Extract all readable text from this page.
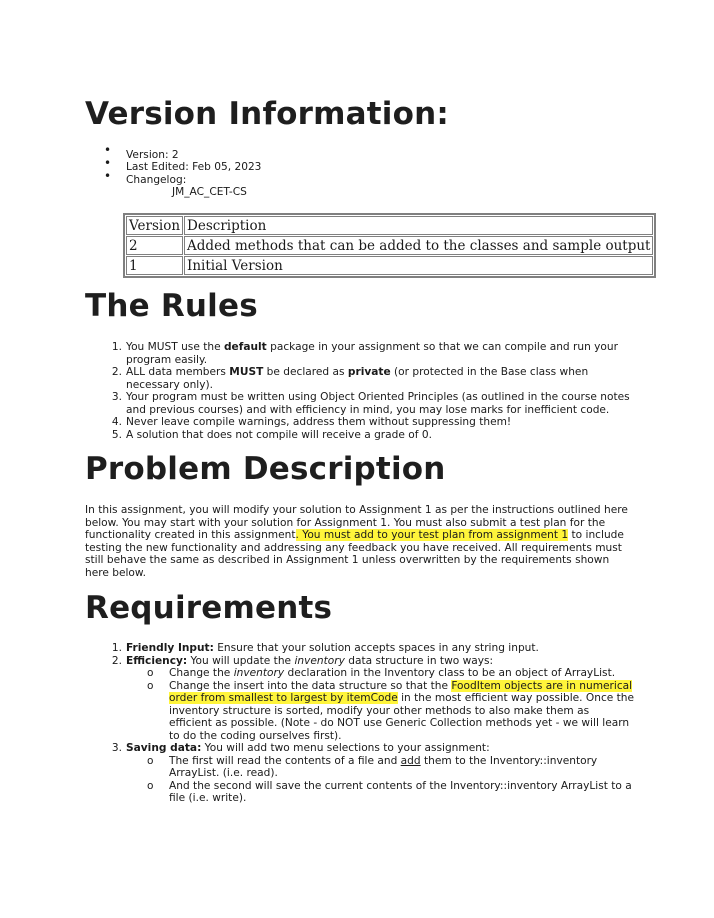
Version Information:
• Version: 2
• Last Edited: Feb 05, 2023
• Changelog:
JM_AC_CET-CS
Version	Description
2	Added methods that can be added to the classes and sample output
1	Initial Version
The Rules
1. You MUST use the default package in your assignment so that we can compile and run your
program easily.
2. ALL data members MUST be declared as private (or protected in the Base class when
necessary only).
3. Your program must be written using Object Oriented Principles (as outlined in the course notes
and previous courses) and with efficiency in mind, you may lose marks for inefficient code.
4. Never leave compile warnings, address them without suppressing them!
5. A solution that does not compile will receive a grade of 0.
Problem Description
In this assignment, you will modify your solution to Assignment 1 as per the instructions outlined here
below. You may start with your solution for Assignment 1. You must also submit a test plan for the
functionality created in this assignment. You must add to your test plan from assignment 1 to include
testing the new functionality and addressing any feedback you have received. All requirements must
still behave the same as described in Assignment 1 unless overwritten by the requirements shown
here below.
Requirements
1. Friendly Input: Ensure that your solution accepts spaces in any string input.
2. Efficiency: You will update the inventory data structure in two ways:
o Change the inventory declaration in the Inventory class to be an object of ArrayList.
o Change the insert into the data structure so that the FoodItem objects are in numerical
order from smallest to largest by itemCode in the most efficient way possible. Once the
inventory structure is sorted, modify your other methods to also make them as
efficient as possible. (Note - do NOT use Generic Collection methods yet - we will learn
to do the coding ourselves first).
3. Saving data: You will add two menu selections to your assignment:
o The first will read the contents of a file and add them to the Inventory::inventory
ArrayList. (i.e. read).
o And the second will save the current contents of the Inventory::inventory ArrayList to a
file (i.e. write).
